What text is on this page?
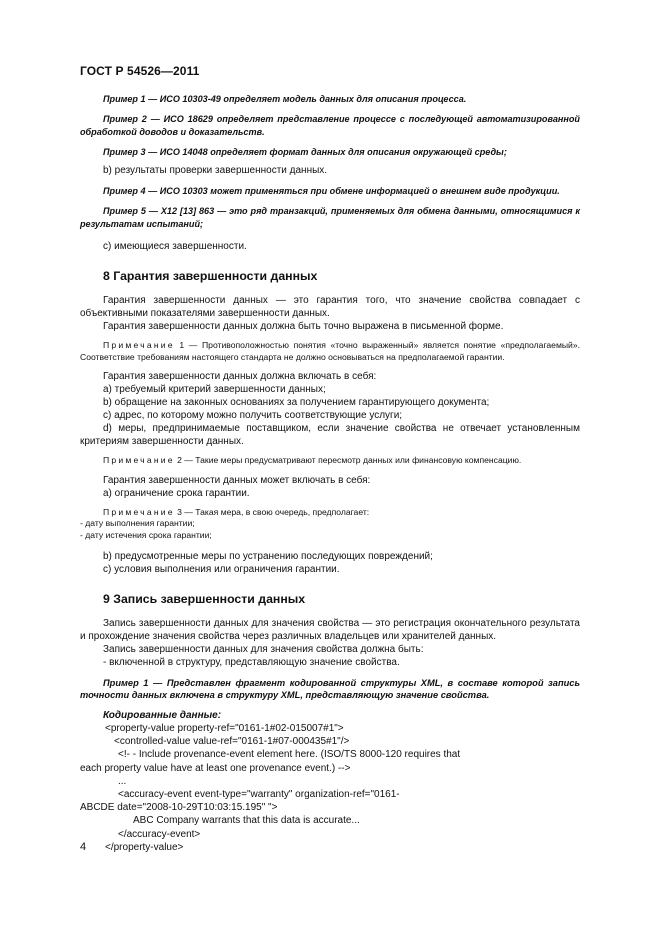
ГОСТ Р 54526—2011

Пример 1 — ИСО 10303-49 определяет модель данных для описания процесса.

Пример 2 — ИСО 18629 определяет представление процессе с последующей автоматизированной обработкой доводов и доказательств.

Пример 3 — ИСО 14048 определяет формат данных для описания окружающей среды;

b) результаты проверки завершенности данных.

Пример 4 — ИСО 10303 может применяться при обмене информацией о внешнем виде продукции.

Пример 5 — X12 [13] 863 — это ряд транзакций, применяемых для обмена данными, относящимися к результатам испытаний;

c) имеющиеся завершенности.

8 Гарантия завершенности данных

Гарантия завершенности данных — это гарантия того, что значение свойства совпадает с объективными показателями завершенности данных.

Гарантия завершенности данных должна быть точно выражена в письменной форме.

Примечание 1 — Противоположностью понятия «точно выраженный» является понятие «предполагаемый». Соответствие требованиям настоящего стандарта не должно основываться на предполагаемой гарантии.

Гарантия завершенности данных должна включать в себя:

a) требуемый критерий завершенности данных;

b) обращение на законных основаниях за получением гарантирующего документа;

c) адрес, по которому можно получить соответствующие услуги;

d) меры, предпринимаемые поставщиком, если значение свойства не отвечает установленным критериям завершенности данных.

Примечание 2 — Такие меры предусматривают пересмотр данных или финансовую компенсацию.

Гарантия завершенности данных может включать в себя:

a) ограничение срока гарантии.

Примечание 3 — Такая мера, в свою очередь, предполагает:

- дату выполнения гарантии;

- дату истечения срока гарантии;

b) предусмотренные меры по устранению последующих повреждений;

c) условия выполнения или ограничения гарантии.

9 Запись завершенности данных

Запись завершенности данных для значения свойства — это регистрация окончательного результата и прохождение значения свойства через различных владельцев или хранителей данных.

Запись завершенности данных для значения свойства должна быть:

- включенной в структуру, представляющую значение свойства.

Пример 1 — Представлен фрагмент кодированной структуры XML, в составе которой запись точности данных включена в структуру XML, представляющую значение свойства.

Кодированные данные:
<property-value property-ref="0161-1#02-015007#1">
<controlled-value value-ref="0161-1#07-000435#1"/>
<!- - Include provenance-event element here. (ISO/TS 8000-120 requires that
each property value have at least one provenance event.) -->
...
<accuracy-event event-type="warranty" organization-ref="0161-
ABCDE date="2008-10-29T10:03:15.195" ">
ABC Company warrants that this data is accurate...
</accuracy-event>
</property-value>
4
